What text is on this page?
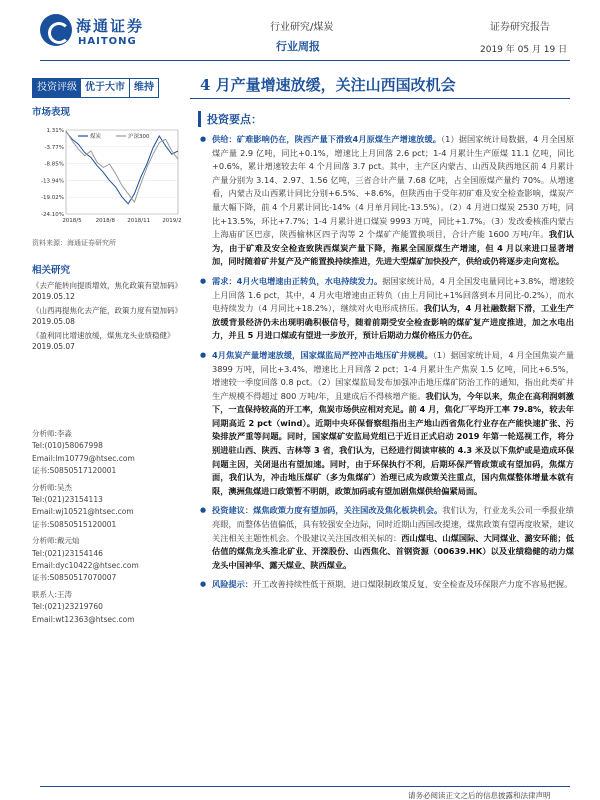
海通证券
HAITONG
行业研究/煤炭
行业周报
证券研究报告
2019 年 05 月 19 日
投资评级 优于大市 维持	4 月产量增速放缓，关注山西国改机会
市场表现
1.31%
-3.77%
-8.85%
-13.94%
-19.02%
-24.10%
2018/5	2018/8 2018/11 2019/2
煤炭	沪深300
资料来源：海通证券研究所
相关研究
《去产能转向提质增效，焦化政策有望加码》
2019.05.12
《山西再提焦化去产能，政策力度有望加码》
2019.05.08
《盈利同比增速放缓，煤焦龙头业绩稳健》
2019.05.07
分析师:李淼
Tel:(010)58067998
Email:lm10779@htsec.com
证书:S0850517120001
分析师:吴杰
Tel:(021)23154113
Email:wj10521@htsec.com
证书:S0850515120001
分析师:戴元灿
Tel:(021)23154146
Email:dyc10422@htsec.com
证书:S0850517070007
联系人:王涛
Tel:(021)23219760
Email:wt12363@htsec.com
投资要点：
● 供给：矿难影响仍在，陕西产量下滑致4月原煤生产增速放缓。（1）据国家统计局数据，4 月全国原煤产量 2.9 亿吨，同比+0.1%，增速比上月回落 2.6 pct；1-4 月累计生产原煤 11.1 亿吨，同比+0.6%，累计增速较去年 4 个月回落 3.7 pct。其中，主产区内蒙古、山西及陕西地区前 4 月累计产量分别为 3.14、2.97、1.56 亿吨，三省合计产量 7.68 亿吨，占全国原煤产量约 70%。从增速看，内蒙古及山西累计同比分别+6.5%、+8.6%，但陕西由于受年初矿难及安全检查影响，煤炭产量大幅下降，前 4 个月累计同比-14%（4 月单月同比-13.5%）。（2）4 月进口煤炭 2530 万吨，同比+13.5%，环比+7.7%；1-4 月累计进口煤炭 9993 万吨，同比+1.7%。（3）发改委核准内蒙古上海庙矿区巴彦，陕西榆林区四子沟等 2 个煤矿产能置换项目，合计产能 1600 万吨/年。我们认为，由于矿难及安全检查致陕西煤炭产量下降，拖累全国原煤生产增速，但 4 月以来进口显著增加，同时随着矿井复产及产能置换持续推进，先进大型煤矿加快投产，供给或仍将逐步走向宽松。
● 需求：4月火电增速由正转负，水电持续发力。据国家统计局，4 月全国发电量同比+3.8%，增速较上月回落 1.6 pct，其中，4 月火电增速由正转负（由上月同比+1%回落到本月同比-0.2%），而水电持续发力（4 月同比+18.2%），继续对火电形成挤压。我们认为，4 月社融数据下滑，工业生产放缓背景经济仍未出现明确积极信号，随着前期受安全检查影响的煤矿复产进度推进，加之水电出力，并且 5 月进口煤或有望进一步放开，预计后期动力煤价格压力仍在。
● 4月焦炭产量增速放缓，国家煤监局严控冲击地压矿井规模。（1）据国家统计局，4 月全国焦炭产量 3899 万吨，同比+3.4%，增速比上月回落 2 pct；1-4 月累计生产焦炭 1.5 亿吨，同比+6.5%，增速较一季度回落 0.8 pct。（2）国家煤监局发布加强冲击地压煤矿防治工作的通知，指出此类矿井生产规模不得超过 800 万吨/年，且建成后不得核增产能。我们认为，今年以来，焦企在高利润刺激下，一直保持较高的开工率，焦炭市场供应相对充足。前 4 月，焦化厂平均开工率 79.8%，较去年同期高近 2 pct（wind）。近期中央环保督察组指出主产地山西省焦化行业存在产能快速扩张、污染排放严重等问题。同时，国家煤矿安监局党组已于近日正式启动 2019 年第一轮巡视工作，将分别进驻山西、陕西、吉林等 3 省，我们认为，已经进行阅读审核的 4.3 米及以下焦炉或是造成环保问题主因，关闭退出有望加速。同时，由于环保执行不利，后期环保严管政策或有望加码，焦煤方面，我们认为，冲击地压煤矿（多为焦煤矿）治理已成为政策关注重点，国内焦煤整体增量本就有限，澳洲焦煤进口政策暂不明朗，政策加码或有望加剧焦煤供给偏紧局面。
● 投资建议：煤焦政策力度有望加码，关注国改及焦化板块机会。我们认为，行业龙头公司一季报业绩亮眼，而整体估值偏低，具有较强安全边际，同时近期山西国改提速，煤焦政策有望再度收紧，建议关注相关主题性机会。个股建议关注国改相关标的：西山煤电、山煤国际、大同煤业、潞安环能；低估值的煤焦龙头淮北矿业、开滦股份、山西焦化、首钢资源（00639.HK）以及业绩稳健的动力煤龙头中国神华、露天煤业、陕西煤业。
● 风险提示：开工改善持续性低于预期、进口煤限制政策反复、安全检查及环保限产力度不容易把握。
请务必阅读正文之后的信息披露和法律声明
